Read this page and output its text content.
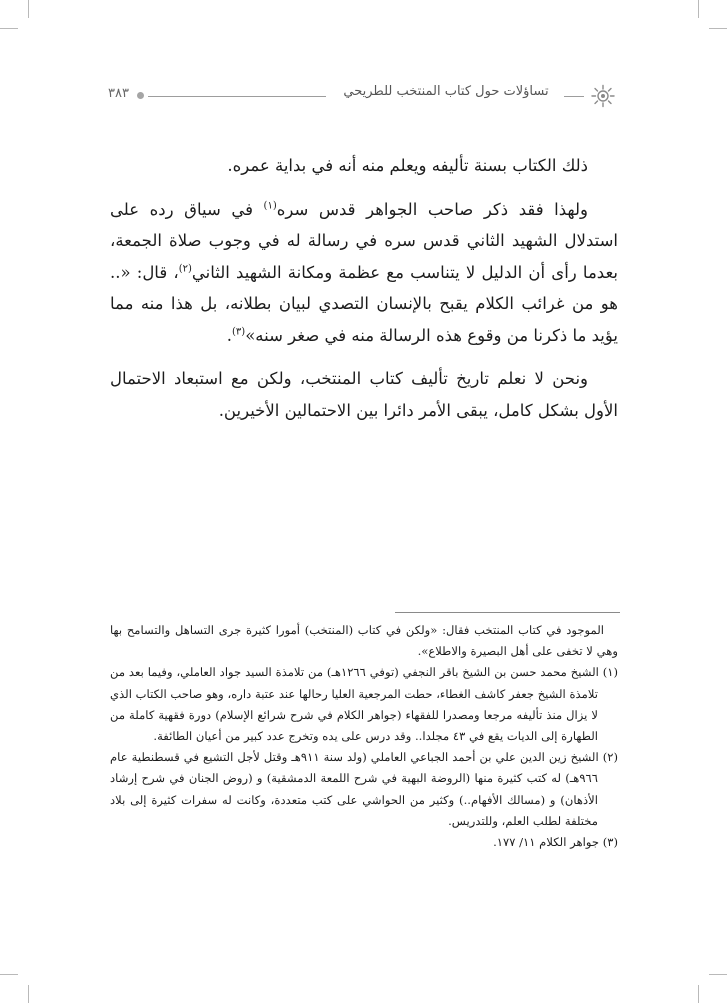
٣٨٣	تساؤلات حول كتاب المنتخب للطريحي

ذلك الكتاب بسنة تأليفه ويعلم منه أنه في بداية عمره.

ولهذا فقد ذكر صاحب الجواهر قدس سره$^{(١)}$ في سياق رده على استدلال الشهيد الثاني قدس سره في رسالة له في وجوب صلاة الجمعة، بعدما رأى أن الدليل لا يتناسب مع عظمة ومكانة الشهيد الثاني$^{(٢)}$، قال: «.. هو من غرائب الكلام يقبح بالإنسان التصدي لبيان بطلانه، بل هذا منه مما يؤيد ما ذكرنا من وقوع هذه الرسالة منه في صغر سنه»$^{(٣)}$.

ونحن لا نعلم تاريخ تأليف كتاب المنتخب، ولكن مع استبعاد الاحتمال الأول بشكل كامل، يبقى الأمر دائرا بين الاحتمالين الأخيرين.

الموجود في كتاب المنتخب فقال: «ولكن في كتاب (المنتخب) أمورا كثيرة جرى التساهل والتسامح بها وهي لا تخفى على أهل البصيرة والاطلاع».

(١) الشيخ محمد حسن بن الشيخ باقر النجفي (توفي ١٢٦٦هـ) من تلامذة السيد جواد العاملي، وفيما بعد من تلامذة الشيخ جعفر كاشف الغطاء، حطت المرجعية العليا رحالها عند عتبة داره، وهو صاحب الكتاب الذي لا يزال منذ تأليفه مرجعا ومصدرا للفقهاء (جواهر الكلام في شرح شرائع الإسلام) دورة فقهية كاملة من الطهارة إلى الديات يقع في ٤٣ مجلدا.. وقد درس على يده وتخرج عدد كبير من أعيان الطائفة.

(٢) الشيخ زين الدين علي بن أحمد الجباعي العاملي (ولد سنة ٩١١هـ وقتل لأجل التشيع في قسطنطية عام ٩٦٦هـ) له كتب كثيرة منها (الروضة البهية في شرح اللمعة الدمشقية) و (روض الجنان في شرح إرشاد الأذهان) و (مسالك الأفهام..) وكثير من الحواشي على كتب متعددة، وكانت له سفرات كثيرة إلى بلاد مختلفة لطلب العلم، وللتدريس.

(٣) جواهر الكلام ١١/ ١٧٧.
